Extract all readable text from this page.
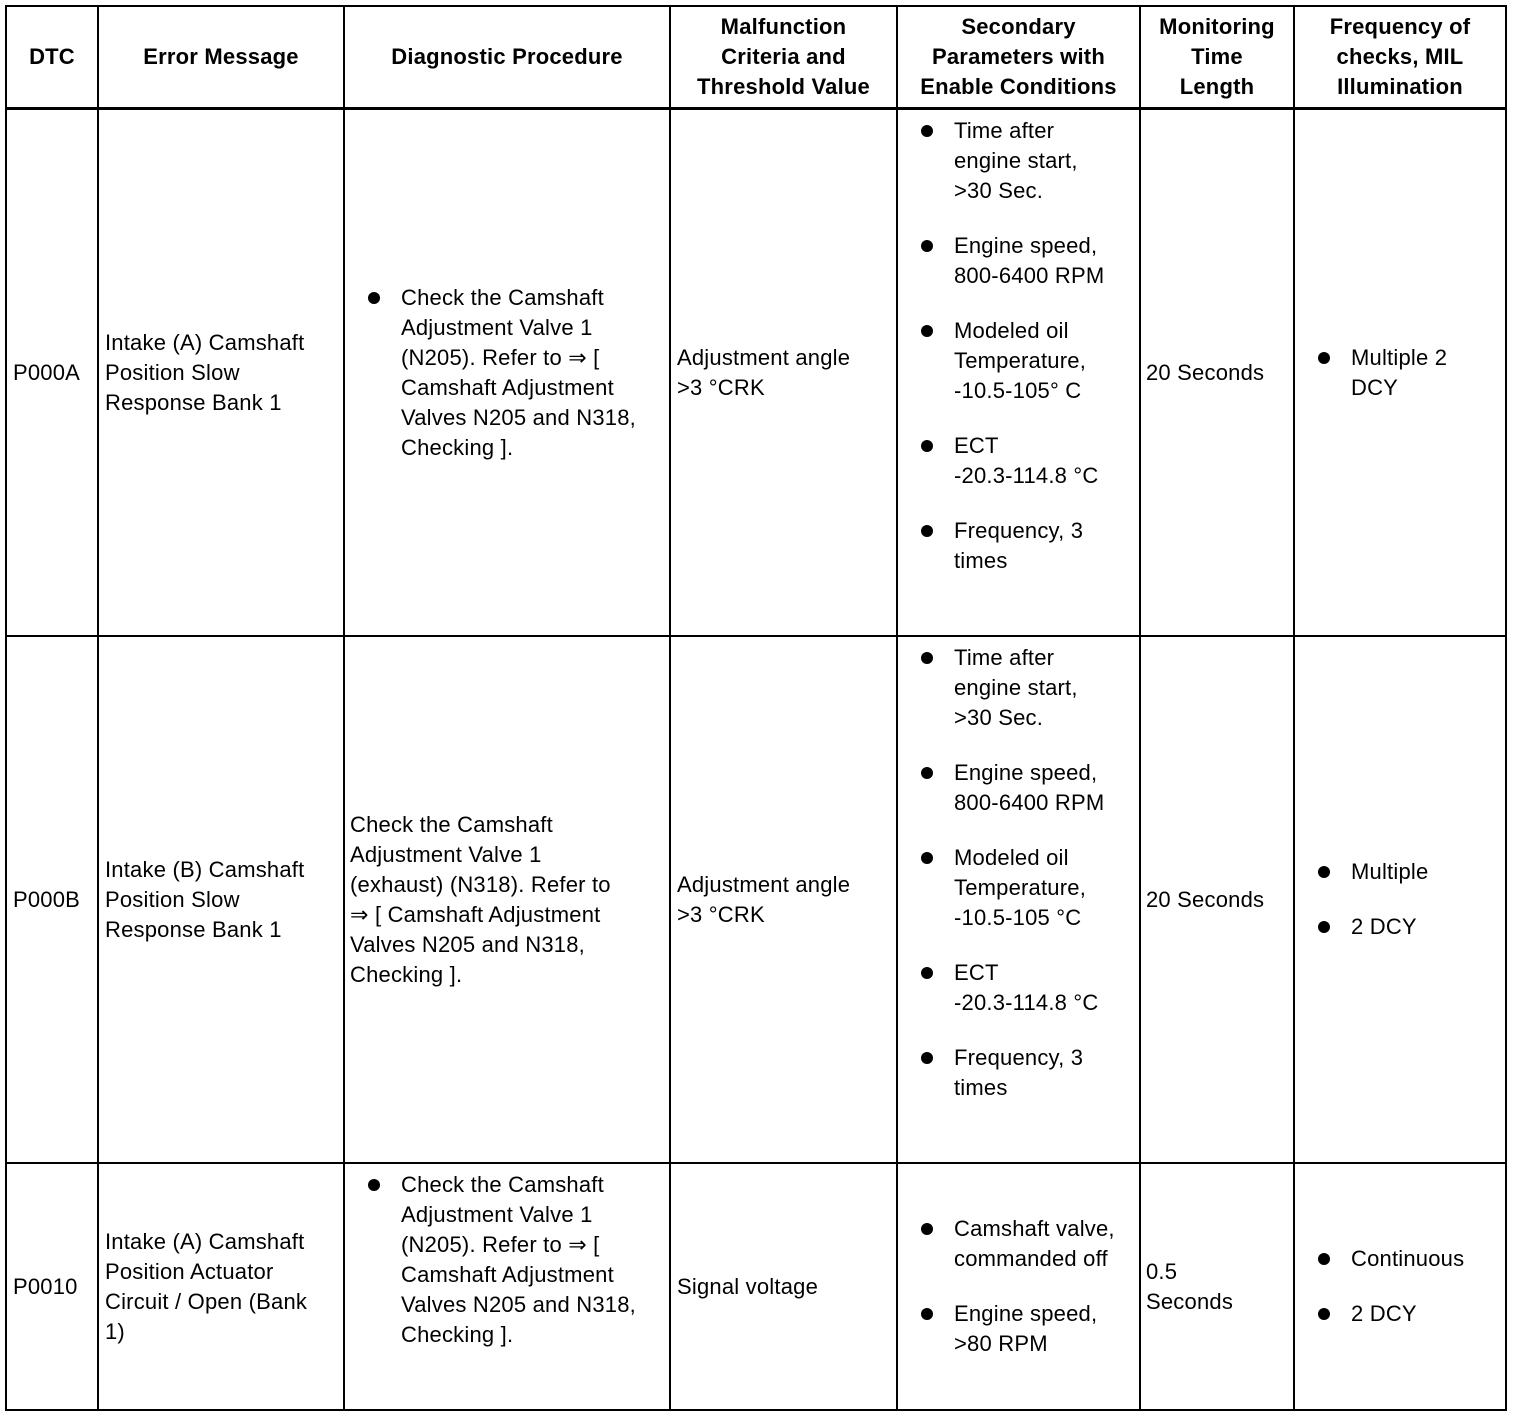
DTC	Error Message	Diagnostic Procedure
Malfunction
Criteria and
Threshold Value
Secondary
Parameters with
Enable Conditions
Monitoring
Time
Length
Frequency of
checks, MIL
Illumination
P000A
Intake (A) Camshaft
Position Slow
Response Bank 1
Check the Camshaft
Adjustment Valve 1
(N205). Refer to ⇒ [
Camshaft Adjustment
Valves N205 and N318,
Checking ].
Adjustment angle
>3 °CRK
Time after
engine start,
>30 Sec.
Engine speed,
800-6400 RPM
Modeled oil
Temperature,
-10.5-105° C
ECT
-20.3-114.8 °C
Frequency, 3
times
20 Seconds
Multiple 2
DCY
P000B
Intake (B) Camshaft
Position Slow
Response Bank 1
Check the Camshaft
Adjustment Valve 1
(exhaust) (N318). Refer to
⇒ [ Camshaft Adjustment
Valves N205 and N318,
Checking ].
Adjustment angle
>3 °CRK
Time after
engine start,
>30 Sec.
Engine speed,
800-6400 RPM
Modeled oil
Temperature,
-10.5-105 °C
ECT
-20.3-114.8 °C
Frequency, 3
times
20 Seconds
Multiple
2 DCY
P0010
Intake (A) Camshaft
Position Actuator
Circuit / Open (Bank
1)
Check the Camshaft
Adjustment Valve 1
(N205). Refer to ⇒ [
Camshaft Adjustment
Valves N205 and N318,
Checking ].
Signal voltage
Camshaft valve,
commanded off
Engine speed,
>80 RPM
0.5
Seconds
Continuous
2 DCY
